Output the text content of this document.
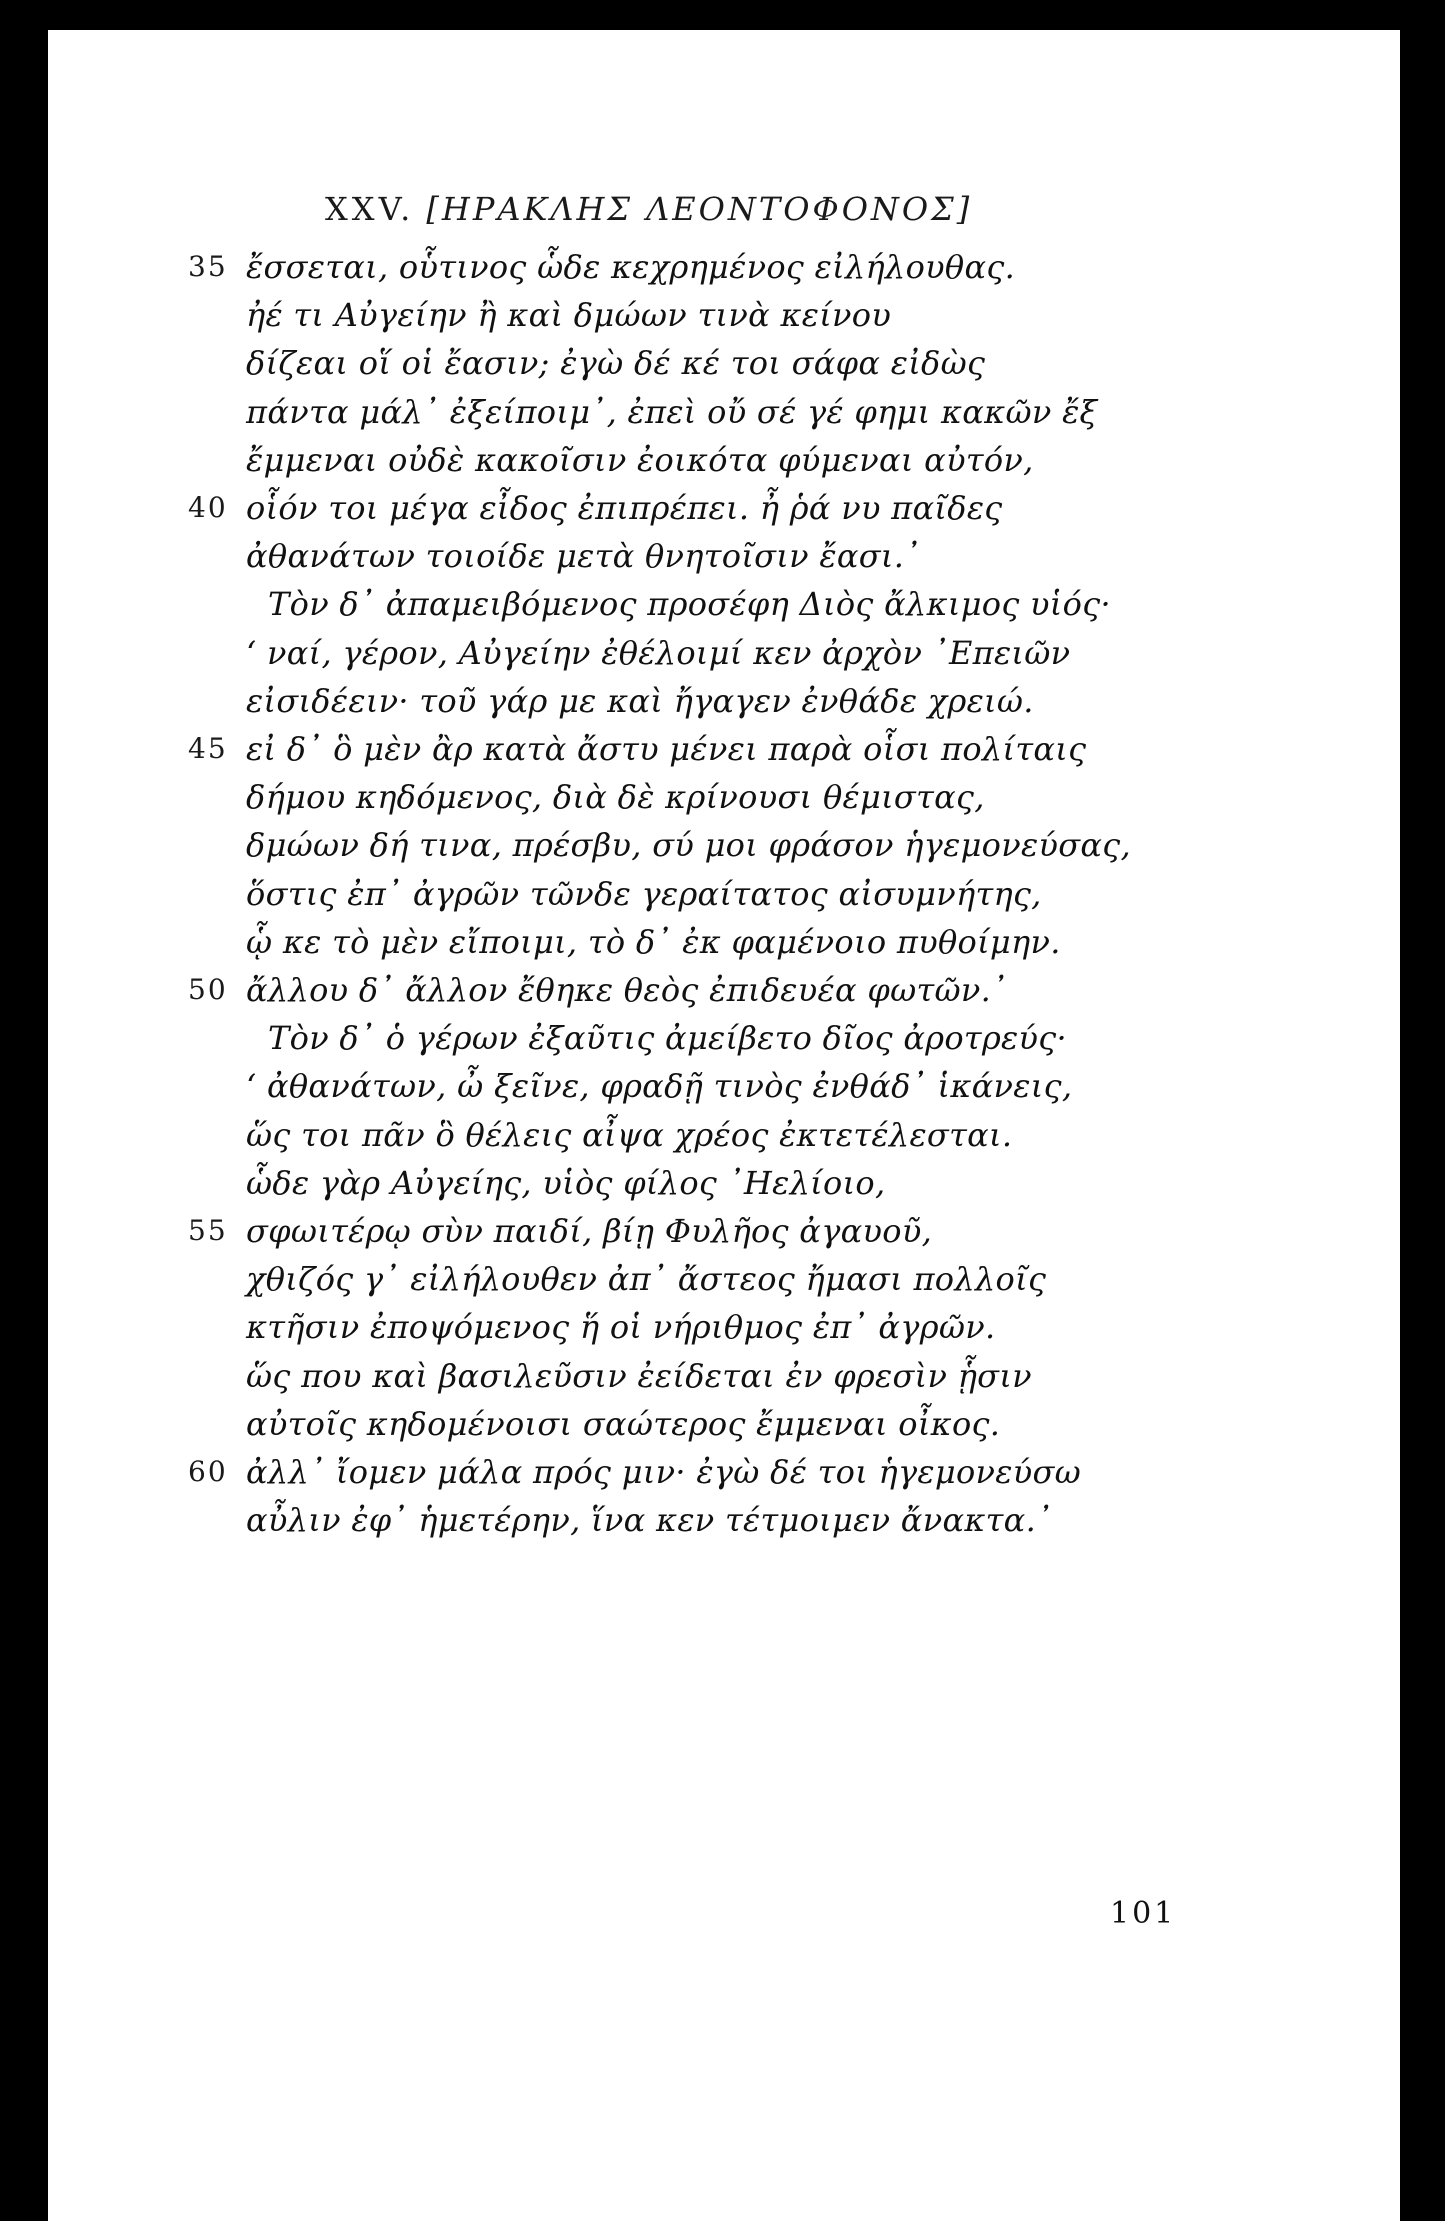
XXV. [ΗΡΑΚΛΗΣ ΛΕΟΝΤΟΦΟΝΟΣ]
35 ἔσσεται, οὗτινος ὧδε κεχρημένος εἰλήλουθας.
ἠέ τι Αὐγείην ἢ καὶ δμώων τινὰ κείνου
δίζεαι οἵ οἱ ἔασιν; ἐγὼ δέ κέ τοι σάφα εἰδὼς
πάντα μάλ᾽ ἐξείποιμ᾽, ἐπεὶ οὔ σέ γέ φημι κακῶν ἔξ
ἔμμεναι οὐδὲ κακοῖσιν ἐοικότα φύμεναι αὐτόν,
40 οἷόν τοι μέγα εἶδος ἐπιπρέπει. ἦ ῥά νυ παῖδες
ἀθανάτων τοιοίδε μετὰ θνητοῖσιν ἔασι.᾽
Τὸν δ᾽ ἀπαμειβόμενος προσέφη Διὸς ἄλκιμος υἱός·
‘ ναί, γέρον, Αὐγείην ἐθέλοιμί κεν ἀρχὸν ᾽Επειῶν
εἰσιδέειν· τοῦ γάρ με καὶ ἤγαγεν ἐνθάδε χρειώ.
45 εἰ δ᾽ ὃ μὲν ἂρ κατὰ ἄστυ μένει παρὰ οἷσι πολίταις
δήμου κηδόμενος, διὰ δὲ κρίνουσι θέμιστας,
δμώων δή τινα, πρέσβυ, σύ μοι φράσον ἡγεμονεύσας,
ὅστις ἐπ᾽ ἀγρῶν τῶνδε γεραίτατος αἰσυμνήτης,
ᾧ κε τὸ μὲν εἴποιμι, τὸ δ᾽ ἐκ φαμένοιο πυθοίμην.
50 ἄλλου δ᾽ ἄλλον ἔθηκε θεὸς ἐπιδευέα φωτῶν.᾽
Τὸν δ᾽ ὁ γέρων ἐξαῦτις ἀμείβετο δῖος ἀροτρεύς·
‘ ἀθανάτων, ὦ ξεῖνε, φραδῇ τινὸς ἐνθάδ᾽ ἱκάνεις,
ὥς τοι πᾶν ὃ θέλεις αἶψα χρέος ἐκτετέλεσται.
ὧδε γὰρ Αὐγείης, υἱὸς φίλος ᾽Ηελίοιο,
55 σφωιτέρῳ σὺν παιδί, βίῃ Φυλῆος ἀγαυοῦ,
χθιζός γ᾽ εἰλήλουθεν ἀπ᾽ ἄστεος ἤμασι πολλοῖς
κτῆσιν ἐποψόμενος ἥ οἱ νήριθμος ἐπ᾽ ἀγρῶν.
ὥς που καὶ βασιλεῦσιν ἐείδεται ἐν φρεσὶν ᾗσιν
αὐτοῖς κηδομένοισι σαώτερος ἔμμεναι οἶκος.
60 ἀλλ᾽ ἴομεν μάλα πρός μιν· ἐγὼ δέ τοι ἡγεμονεύσω
αὖλιν ἐφ᾽ ἡμετέρην, ἵνα κεν τέτμοιμεν ἄνακτα.᾽
101
